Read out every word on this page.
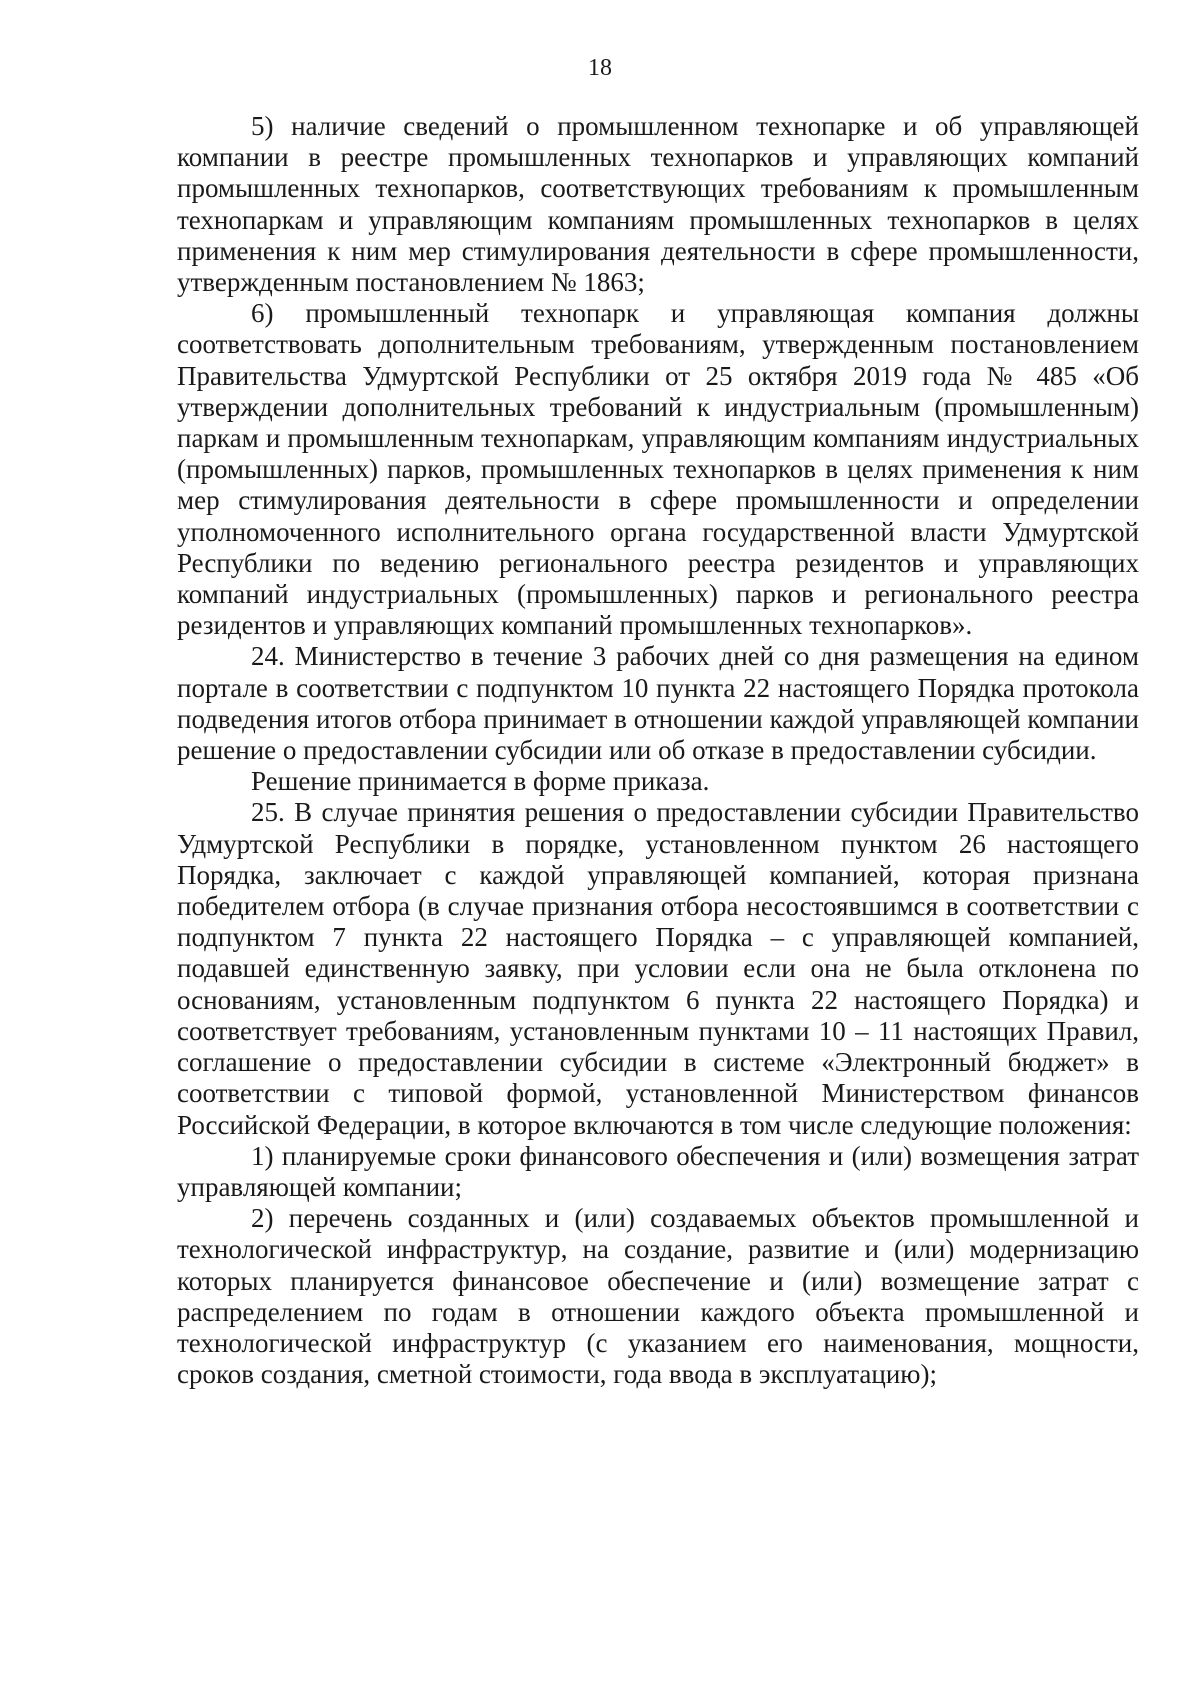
18

5) наличие сведений о промышленном технопарке и об управляющей компании в реестре промышленных технопарков и управляющих компаний промышленных технопарков, соответствующих требованиям к промышленным технопаркам и управляющим компаниям промышленных технопарков в целях применения к ним мер стимулирования деятельности в сфере промышленности, утвержденным постановлением № 1863;

6) промышленный технопарк и управляющая компания должны соответствовать дополнительным требованиям, утвержденным постановлением Правительства Удмуртской Республики от 25 октября 2019 года № 485 «Об утверждении дополнительных требований к индустриальным (промышленным) паркам и промышленным технопаркам, управляющим компаниям индустриальных (промышленных) парков, промышленных технопарков в целях применения к ним мер стимулирования деятельности в сфере промышленности и определении уполномоченного исполнительного органа государственной власти Удмуртской Республики по ведению регионального реестра резидентов и управляющих компаний индустриальных (промышленных) парков и регионального реестра резидентов и управляющих компаний промышленных технопарков».

24. Министерство в течение 3 рабочих дней со дня размещения на едином портале в соответствии с подпунктом 10 пункта 22 настоящего Порядка протокола подведения итогов отбора принимает в отношении каждой управляющей компании решение о предоставлении субсидии или об отказе в предоставлении субсидии.

Решение принимается в форме приказа.

25. В случае принятия решения о предоставлении субсидии Правительство Удмуртской Республики в порядке, установленном пунктом 26 настоящего Порядка, заключает с каждой управляющей компанией, которая признана победителем отбора (в случае признания отбора несостоявшимся в соответствии с подпунктом 7 пункта 22 настоящего Порядка – с управляющей компанией, подавшей единственную заявку, при условии если она не была отклонена по основаниям, установленным подпунктом 6 пункта 22 настоящего Порядка) и соответствует требованиям, установленным пунктами 10 – 11 настоящих Правил, соглашение о предоставлении субсидии в системе «Электронный бюджет» в соответствии с типовой формой, установленной Министерством финансов Российской Федерации, в которое включаются в том числе следующие положения:

1) планируемые сроки финансового обеспечения и (или) возмещения затрат управляющей компании;

2) перечень созданных и (или) создаваемых объектов промышленной и технологической инфраструктур, на создание, развитие и (или) модернизацию которых планируется финансовое обеспечение и (или) возмещение затрат с распределением по годам в отношении каждого объекта промышленной и технологической инфраструктур (с указанием его наименования, мощности, сроков создания, сметной стоимости, года ввода в эксплуатацию);
